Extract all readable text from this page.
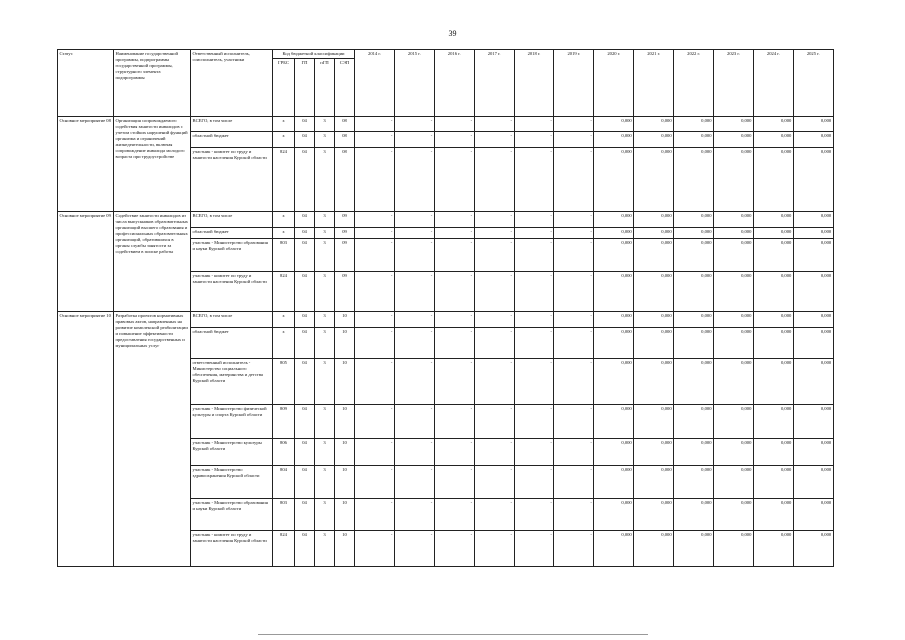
39
Статус	Наименование государственной программы, подпрограммы государственной программы, структурного элемента подпрограммы	Ответственный исполнитель, соисполнитель, участники	Код бюджетной классификации				2014 г.	2015 г.	2016 г.	2017 г.	2018 г.	2019 г.	2020 г.	2021 г.	2022 г.	2023 г.	2024 г.	2025 г.
			ГРБС	ГП	пГП	СЭП												
Основное мероприятие 08	Организация сопровождаемого содействия занятости инвалидов с учетом стойких нарушений функций организма и ограничений жизнедеятельности, включая сопровождение инвалида молодого возраста при трудоустройстве	ВСЕГО, в том числе	х	04	3	08	-	-	-	-	-	-	0,000	0,000	0,000	0,000	0,000	0,000
		областной бюджет	х	04	3	08	-	-	-	-	-	-	0,000	0,000	0,000	0,000	0,000	0,000
		участник - комитет по труду и занятости населения Курской области	824	04	3	08	-	-	-	-	-	-	0,000	0,000	0,000	0,000	0,000	0,000
Основное мероприятие 09	Содействие занятости инвалидов из числа выпускников образовательных организаций высшего образования и профессиональных образовательных организаций, обратившихся в органы службы занятости за содействием в поиске работы	ВСЕГО, в том числе	х	04	3	09	-	-	-	-	-	-	0,000	0,000	0,000	0,000	0,000	0,000
		областной бюджет	х	04	3	09	-	-	-	-	-	-	0,000	0,000	0,000	0,000	0,000	0,000
		участник - Министерство образования и науки Курской области	803	04	3	09	-	-	-	-	-	-	0,000	0,000	0,000	0,000	0,000	0,000
		участник - комитет по труду и занятости населения Курской области	824	04	3	09	-	-	-	-	-	-	0,000	0,000	0,000	0,000	0,000	0,000
Основное мероприятие 10	Разработка проектов нормативных правовых актов, направленных на развитие комплексной реабилитации и повышение эффективности предоставления государственных и муниципальных услуг	ВСЕГО, в том числе	х	04	3	10	-	-	-	-	-	-	0,000	0,000	0,000	0,000	0,000	0,000
		областной бюджет	х	04	3	10	-	-	-	-	-	-	0,000	0,000	0,000	0,000	0,000	0,000
		ответственный исполнитель - Министерство социального обеспечения, материнства и детства Курской области	805	04	3	10	-	-	-	-	-	-	0,000	0,000	0,000	0,000	0,000	0,000
		участник - Министерство физической культуры и спорта Курской области	809	04	3	10	-	-	-	-	-	-	0,000	0,000	0,000	0,000	0,000	0,000
		участник - Министерство культуры Курской области	806	04	3	10	-	-	-	-	-	-	0,000	0,000	0,000	0,000	0,000	0,000
		участник - Министерство здравоохранения Курской области	804	04	3	10	-	-	-	-	-	-	0,000	0,000	0,000	0,000	0,000	0,000
		участник - Министерство образования и науки Курской области	803	04	3	10	-	-	-	-	-	-	0,000	0,000	0,000	0,000	0,000	0,000
		участник - комитет по труду и занятости населения Курской области	824	04	3	10	-	-	-	-	-	-	0,000	0,000	0,000	0,000	0,000	0,000
